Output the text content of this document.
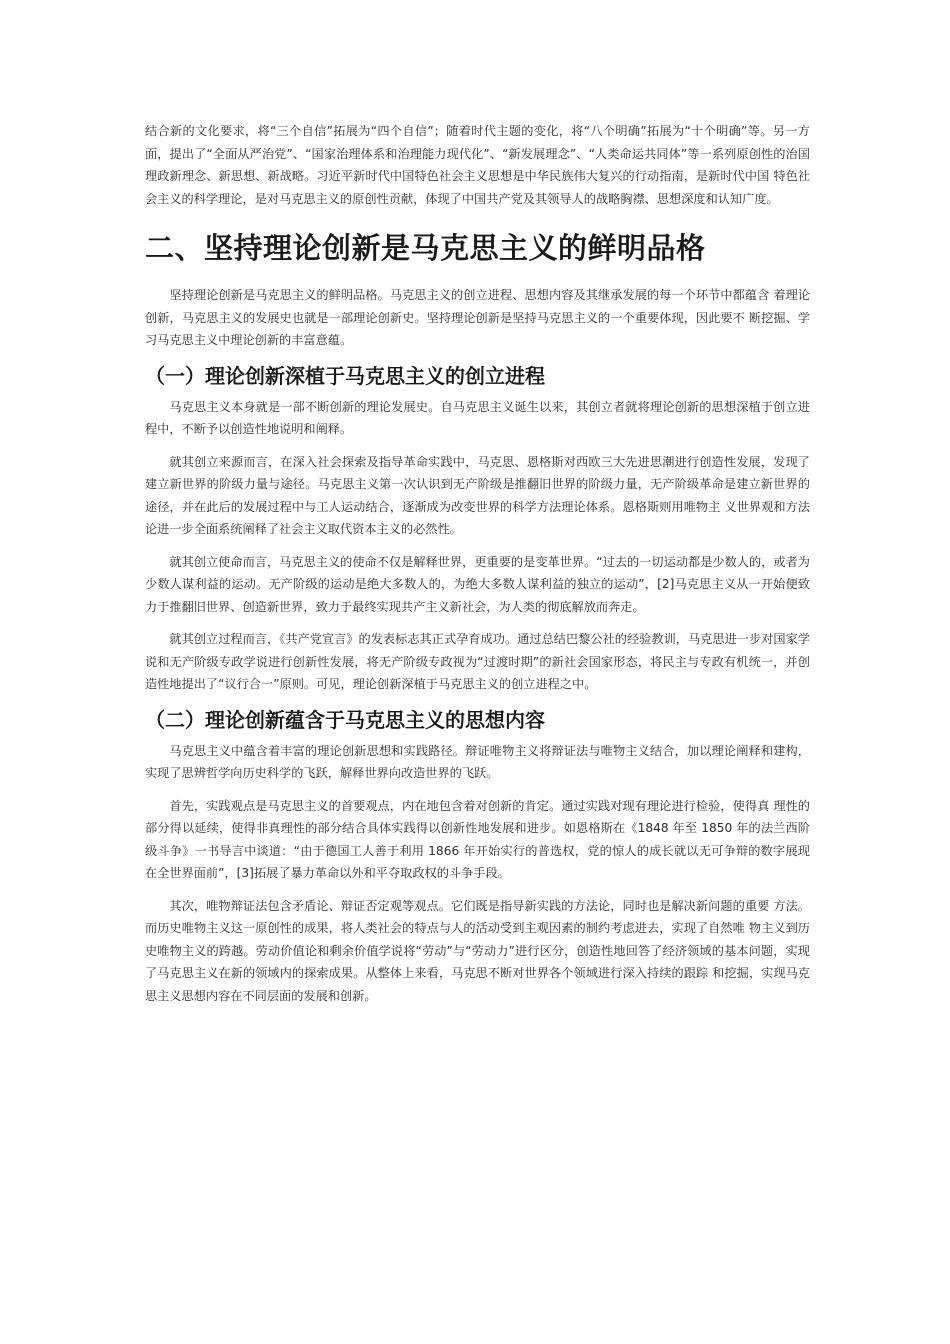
结合新的文化要求，将“三个自信”拓展为“四个自信”；随着时代主题的变化，将“八个明确”拓展为“十个明确”等。另一方面，提出了“全面从严治党”、“国家治理体系和治理能力现代化”、“新发展理念”、“人类命运共同体”等一系列原创性的治国理政新理念、新思想、新战略。习近平新时代中国特色社会主义思想是中华民族伟大复兴的行动指南，是新时代中国 特色社会主义的科学理论，是对马克思主义的原创性贡献，体现了中国共产党及其领导人的战略胸襟、思想深度和认知广度。

二、坚持理论创新是马克思主义的鲜明品格

坚持理论创新是马克思主义的鲜明品格。马克思主义的创立进程、思想内容及其继承发展的每一个环节中都蕴含 着理论创新，马克思主义的发展史也就是一部理论创新史。坚持理论创新是坚持马克思主义的一个重要体现，因此要不 断挖掘、学习马克思主义中理论创新的丰富意蕴。

（一）理论创新深植于马克思主义的创立进程

马克思主义本身就是一部不断创新的理论发展史。自马克思主义诞生以来，其创立者就将理论创新的思想深植于创立进程中，不断予以创造性地说明和阐释。

就其创立来源而言，在深入社会探索及指导革命实践中，马克思、恩格斯对西欧三大先进思潮进行创造性发展，发现了建立新世界的阶级力量与途径。马克思主义第一次认识到无产阶级是推翻旧世界的阶级力量，无产阶级革命是建立新世界的途径，并在此后的发展过程中与工人运动结合，逐渐成为改变世界的科学方法理论体系。恩格斯则用唯物主 义世界观和方法论进一步全面系统阐释了社会主义取代资本主义的必然性。

就其创立使命而言，马克思主义的使命不仅是解释世界，更重要的是变革世界。“过去的一切运动都是少数人的，或者为少数人谋利益的运动。无产阶级的运动是绝大多数人的，为绝大多数人谋利益的独立的运动”，[2]马克思主义从一开始便致力于推翻旧世界、创造新世界，致力于最终实现共产主义新社会，为人类的彻底解放而奔走。

就其创立过程而言，《共产党宣言》的发表标志其正式孕育成功。通过总结巴黎公社的经验教训，马克思进一步对国家学说和无产阶级专政学说进行创新性发展，将无产阶级专政视为“过渡时期”的新社会国家形态，将民主与专政有机统一，并创造性地提出了“议行合一”原则。可见，理论创新深植于马克思主义的创立进程之中。

（二）理论创新蕴含于马克思主义的思想内容

马克思主义中蕴含着丰富的理论创新思想和实践路径。辩证唯物主义将辩证法与唯物主义结合，加以理论阐释和建构，实现了思辨哲学向历史科学的飞跃，解释世界向改造世界的飞跃。

首先，实践观点是马克思主义的首要观点，内在地包含着对创新的肯定。通过实践对现有理论进行检验，使得真 理性的部分得以延续，使得非真理性的部分结合具体实践得以创新性地发展和进步。如恩格斯在《1848 年至 1850 年的法兰西阶级斗争》一书导言中谈道：“由于德国工人善于利用 1866 年开始实行的普选权，党的惊人的成长就以无可争辩的数字展现在全世界面前”，[3]拓展了暴力革命以外和平夺取政权的斗争手段。

其次，唯物辩证法包含矛盾论、辩证否定观等观点。它们既是指导新实践的方法论，同时也是解决新问题的重要 方法。而历史唯物主义这一原创性的成果，将人类社会的特点与人的活动受到主观因素的制约考虑进去，实现了自然唯 物主义到历史唯物主义的跨越。劳动价值论和剩余价值学说将“劳动”与“劳动力”进行区分，创造性地回答了经济领域的基本问题，实现了马克思主义在新的领域内的探索成果。从整体上来看，马克思不断对世界各个领域进行深入持续的跟踪 和挖掘，实现马克思主义思想内容在不同层面的发展和创新。
